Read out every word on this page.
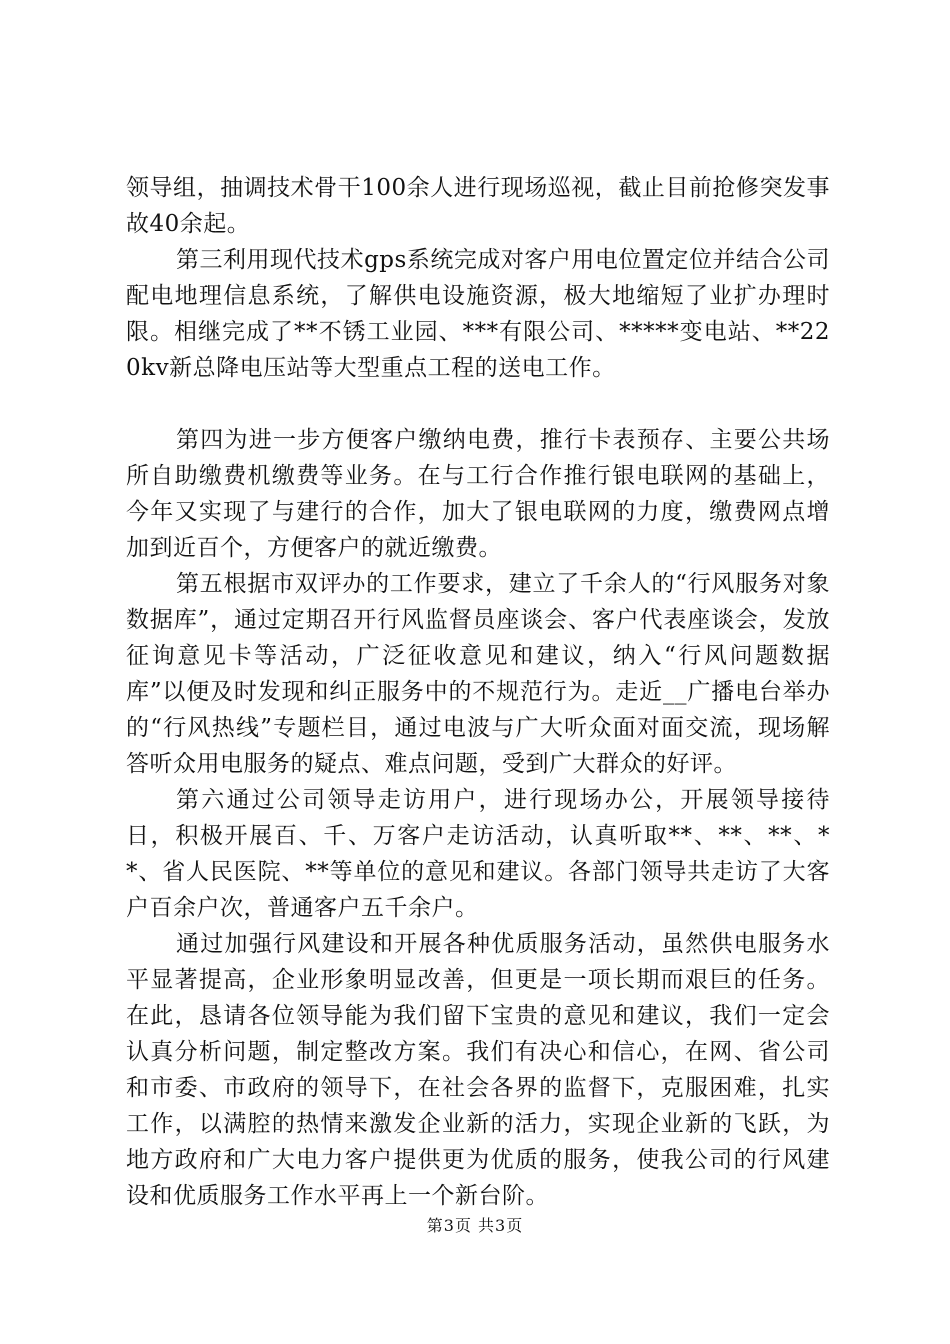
领导组，抽调技术骨干100余人进行现场巡视，截止目前抢修突发事故40余起。

第三利用现代技术gps系统完成对客户用电位置定位并结合公司配电地理信息系统，了解供电设施资源，极大地缩短了业扩办理时限。相继完成了**不锈工业园、***有限公司、*****变电站、**220kv新总降电压站等大型重点工程的送电工作。

第四为进一步方便客户缴纳电费，推行卡表预存、主要公共场所自助缴费机缴费等业务。在与工行合作推行银电联网的基础上，今年又实现了与建行的合作，加大了银电联网的力度，缴费网点增加到近百个，方便客户的就近缴费。

第五根据市双评办的工作要求，建立了千余人的“行风服务对象数据库”，通过定期召开行风监督员座谈会、客户代表座谈会，发放征询意见卡等活动，广泛征收意见和建议，纳入“行风问题数据库”以便及时发现和纠正服务中的不规范行为。走近__广播电台举办的“行风热线”专题栏目，通过电波与广大听众面对面交流，现场解答听众用电服务的疑点、难点问题，受到广大群众的好评。

第六通过公司领导走访用户，进行现场办公，开展领导接待日，积极开展百、千、万客户走访活动，认真听取**、**、**、**、省人民医院、**等单位的意见和建议。各部门领导共走访了大客户百余户次，普通客户五千余户。

通过加强行风建设和开展各种优质服务活动，虽然供电服务水平显著提高，企业形象明显改善，但更是一项长期而艰巨的任务。在此，恳请各位领导能为我们留下宝贵的意见和建议，我们一定会认真分析问题，制定整改方案。我们有决心和信心，在网、省公司和市委、市政府的领导下，在社会各界的监督下，克服困难，扎实工作，以满腔的热情来激发企业新的活力，实现企业新的飞跃，为地方政府和广大电力客户提供更为优质的服务，使我公司的行风建设和优质服务工作水平再上一个新台阶。

第3页 共3页
